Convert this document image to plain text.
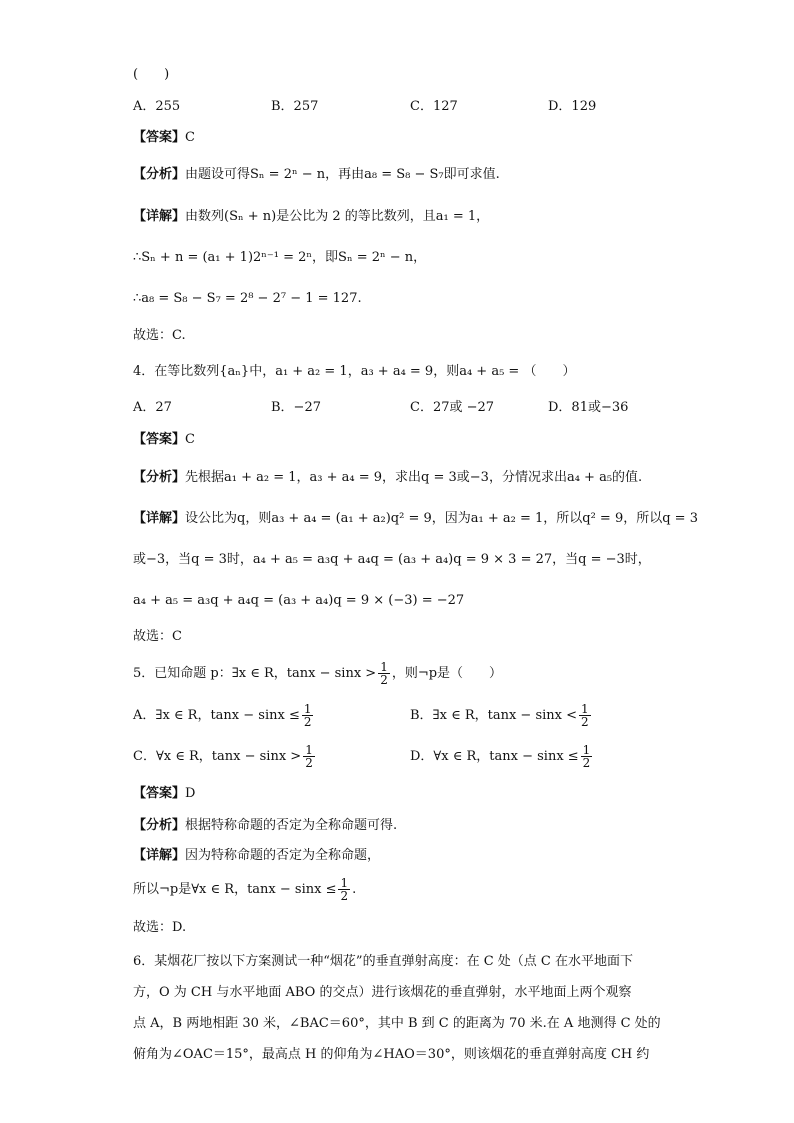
(　　)
A．255	B．257	C．127	D．129
【答案】C
【分析】由题设可得Sₙ = 2ⁿ − n，再由a₈ = S₈ − S₇即可求值.
【详解】由数列(Sₙ + n)是公比为 2 的等比数列，且a₁ = 1，
∴Sₙ + n = (a₁ + 1)2ⁿ⁻¹ = 2ⁿ，即Sₙ = 2ⁿ − n，
∴a₈ = S₈ − S₇ = 2⁸ − 2⁷ − 1 = 127.
故选：C.
4．在等比数列{aₙ}中，a₁ + a₂ = 1，a₃ + a₄ = 9，则a₄ + a₅ = （　　）
A．27	B．−27	C．27或 −27	D．81或−36
【答案】C
【分析】先根据a₁ + a₂ = 1，a₃ + a₄ = 9，求出q = 3或−3，分情况求出a₄ + a₅的值.
【详解】设公比为q，则a₃ + a₄ = (a₁ + a₂)q² = 9，因为a₁ + a₂ = 1，所以q² = 9，所以q = 3
或−3，当q = 3时，a₄ + a₅ = a₃q + a₄q = (a₃ + a₄)q = 9 × 3 = 27，当q = −3时，
a₄ + a₅ = a₃q + a₄q = (a₃ + a₄)q = 9 × (−3) = −27
故选：C
5．已知命题 p：∃x ∈ R，$\tan x - \sin x > \frac{1}{2}$ ，则¬p是（　　）
A．∃x ∈ R，$\tan x - \sin x \le \frac{1}{2}$	B．∃x ∈ R，$\tan x - \sin x < \frac{1}{2}$
C．∀x ∈ R，$\tan x - \sin x > \frac{1}{2}$	D．∀x ∈ R，$\tan x - \sin x \le \frac{1}{2}$
【答案】D
【分析】根据特称命题的否定为全称命题可得.
【详解】因为特称命题的否定为全称命题，
所以¬p是∀x ∈ R，$\tan x - \sin x \le \frac{1}{2}$ .
故选：D.
6．某烟花厂按以下方案测试一种“烟花”的垂直弹射高度：在 C 处（点 C 在水平地面下
方，O 为 CH 与水平地面 ABO 的交点）进行该烟花的垂直弹射，水平地面上两个观察
点 A，B 两地相距 30 米，∠BAC＝60°，其中 B 到 C 的距离为 70 米.在 A 地测得 C 处的
俯角为∠OAC＝15°，最高点 H 的仰角为∠HAO＝30°，则该烟花的垂直弹射高度 CH 约
